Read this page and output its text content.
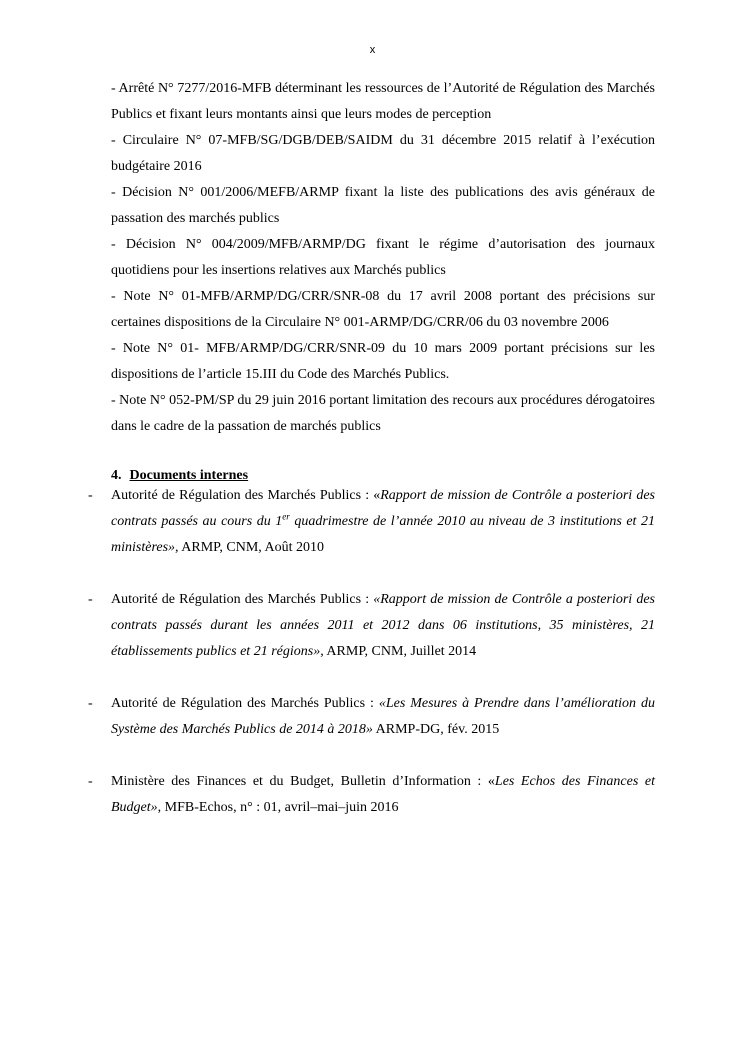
x

- Arrêté N° 7277/2016-MFB déterminant les ressources de l’Autorité de Régulation des Marchés Publics et fixant leurs montants ainsi que leurs modes de perception

- Circulaire N° 07-MFB/SG/DGB/DEB/SAIDM du 31 décembre 2015 relatif à l’exécution budgétaire 2016

- Décision N° 001/2006/MEFB/ARMP fixant la liste des publications des avis généraux de passation des marchés publics

- Décision N° 004/2009/MFB/ARMP/DG fixant le régime d’autorisation des journaux quotidiens pour les insertions relatives aux Marchés publics

- Note N° 01-MFB/ARMP/DG/CRR/SNR-08 du 17 avril 2008 portant des précisions sur certaines dispositions de la Circulaire N° 001-ARMP/DG/CRR/06 du 03 novembre 2006

- Note N° 01- MFB/ARMP/DG/CRR/SNR-09 du 10 mars 2009 portant précisions sur les dispositions de l’article 15.III du Code des Marchés Publics.

- Note N° 052-PM/SP du 29 juin 2016 portant limitation des recours aux procédures dérogatoires dans le cadre de la passation de marchés publics

4. Documents internes
- Autorité de Régulation des Marchés Publics : «Rapport de mission de Contrôle a posteriori des contrats passés au cours du 1er quadrimestre de l’année 2010 au niveau de 3 institutions et 21 ministères», ARMP, CNM, Août 2010
- Autorité de Régulation des Marchés Publics : «Rapport de mission de Contrôle a posteriori des contrats passés durant les années 2011 et 2012 dans 06 institutions, 35 ministères, 21 établissements publics et 21 régions», ARMP, CNM, Juillet 2014
- Autorité de Régulation des Marchés Publics : «Les Mesures à Prendre dans l’amélioration du Système des Marchés Publics de 2014 à 2018» ARMP-DG, fév. 2015
- Ministère des Finances et du Budget, Bulletin d’Information : «Les Echos des Finances et Budget», MFB-Echos, n° : 01, avril–mai–juin 2016
